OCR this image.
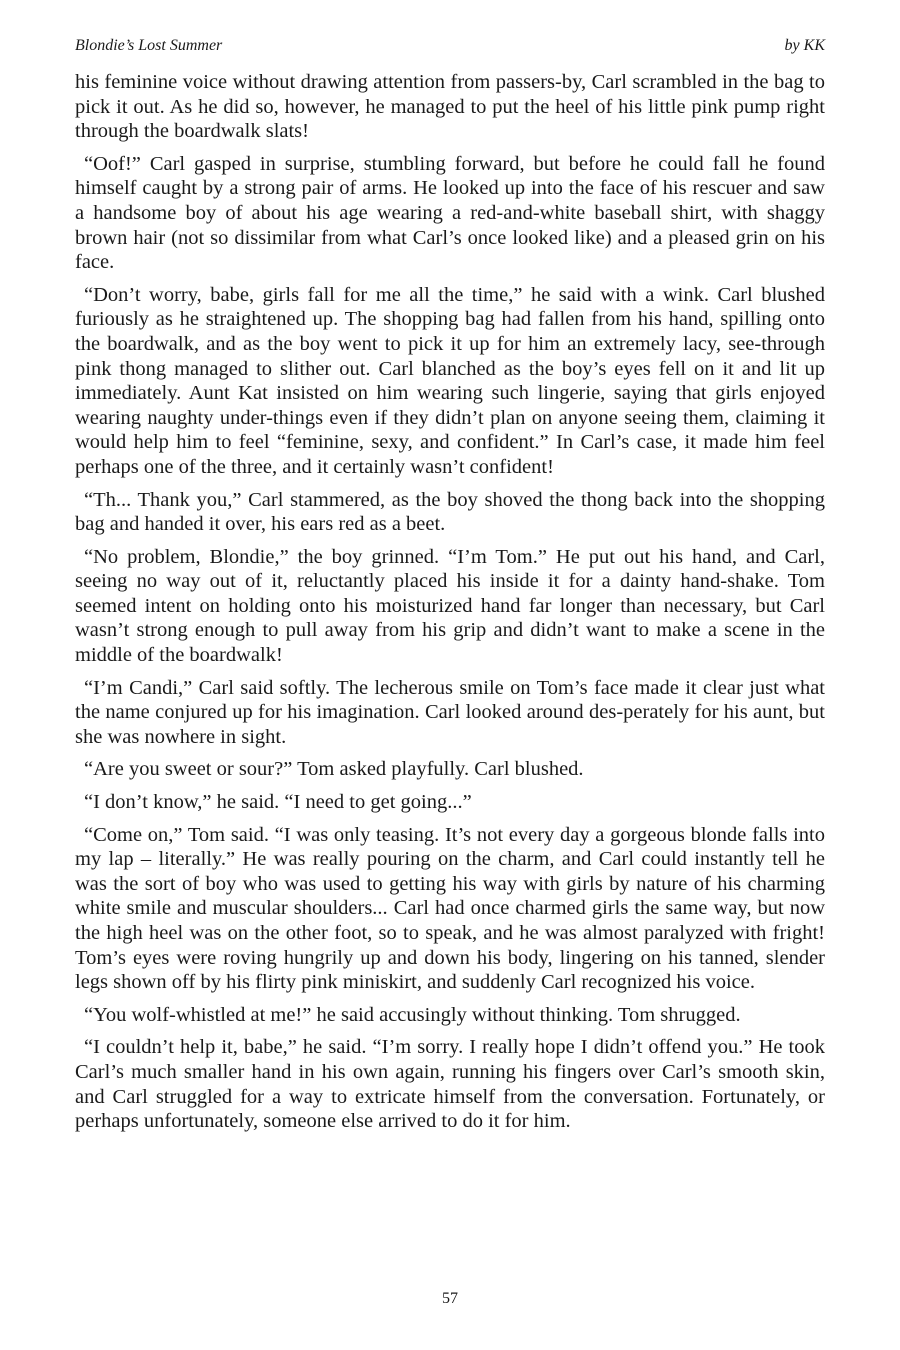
Blondie’s Lost Summer	by KK

his feminine voice without drawing attention from passers-by, Carl scrambled in the bag to pick it out. As he did so, however, he managed to put the heel of his little pink pump right through the boardwalk slats!

“Oof!” Carl gasped in surprise, stumbling forward, but before he could fall he found himself caught by a strong pair of arms. He looked up into the face of his rescuer and saw a handsome boy of about his age wearing a red-and-white baseball shirt, with shaggy brown hair (not so dissimilar from what Carl’s once looked like) and a pleased grin on his face.

“Don’t worry, babe, girls fall for me all the time,” he said with a wink. Carl blushed furiously as he straightened up. The shopping bag had fallen from his hand, spilling onto the boardwalk, and as the boy went to pick it up for him an extremely lacy, see-through pink thong managed to slither out. Carl blanched as the boy’s eyes fell on it and lit up immediately. Aunt Kat insisted on him wearing such lingerie, saying that girls enjoyed wearing naughty under-things even if they didn’t plan on anyone seeing them, claiming it would help him to feel “feminine, sexy, and confident.” In Carl’s case, it made him feel perhaps one of the three, and it certainly wasn’t confident!

“Th... Thank you,” Carl stammered, as the boy shoved the thong back into the shopping bag and handed it over, his ears red as a beet.

“No problem, Blondie,” the boy grinned. “I’m Tom.” He put out his hand, and Carl, seeing no way out of it, reluctantly placed his inside it for a dainty hand-shake. Tom seemed intent on holding onto his moisturized hand far longer than necessary, but Carl wasn’t strong enough to pull away from his grip and didn’t want to make a scene in the middle of the boardwalk!

“I’m Candi,” Carl said softly. The lecherous smile on Tom’s face made it clear just what the name conjured up for his imagination. Carl looked around des-perately for his aunt, but she was nowhere in sight.

“Are you sweet or sour?” Tom asked playfully. Carl blushed.

“I don’t know,” he said. “I need to get going...”

“Come on,” Tom said. “I was only teasing. It’s not every day a gorgeous blonde falls into my lap – literally.” He was really pouring on the charm, and Carl could instantly tell he was the sort of boy who was used to getting his way with girls by nature of his charming white smile and muscular shoulders... Carl had once charmed girls the same way, but now the high heel was on the other foot, so to speak, and he was almost paralyzed with fright! Tom’s eyes were roving hungrily up and down his body, lingering on his tanned, slender legs shown off by his flirty pink miniskirt, and suddenly Carl recognized his voice.

“You wolf-whistled at me!” he said accusingly without thinking. Tom shrugged.

“I couldn’t help it, babe,” he said. “I’m sorry. I really hope I didn’t offend you.” He took Carl’s much smaller hand in his own again, running his fingers over Carl’s smooth skin, and Carl struggled for a way to extricate himself from the conversation. Fortunately, or perhaps unfortunately, someone else arrived to do it for him.

57
